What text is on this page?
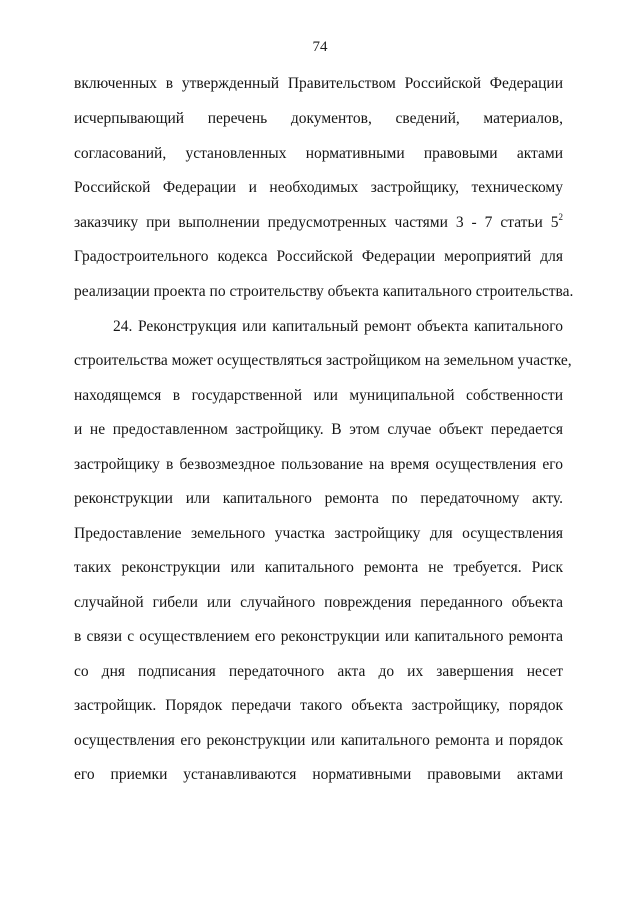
74
включенных в утвержденный Правительством Российской Федерации
исчерпывающий перечень документов, сведений, материалов,
согласований, установленных нормативными правовыми актами
Российской Федерации и необходимых застройщику, техническому
заказчику при выполнении предусмотренных частями 3 - 7 статьи $5^2$
Градостроительного кодекса Российской Федерации мероприятий для
реализации проекта по строительству объекта капитального строительства.
24. Реконструкция или капитальный ремонт объекта капитального
строительства может осуществляться застройщиком на земельном участке,
находящемся в государственной или муниципальной собственности
и не предоставленном застройщику. В этом случае объект передается
застройщику в безвозмездное пользование на время осуществления его
реконструкции или капитального ремонта по передаточному акту.
Предоставление земельного участка застройщику для осуществления
таких реконструкции или капитального ремонта не требуется. Риск
случайной гибели или случайного повреждения переданного объекта
в связи с осуществлением его реконструкции или капитального ремонта
со дня подписания передаточного акта до их завершения несет
застройщик. Порядок передачи такого объекта застройщику, порядок
осуществления его реконструкции или капитального ремонта и порядок
его приемки устанавливаются нормативными правовыми актами
